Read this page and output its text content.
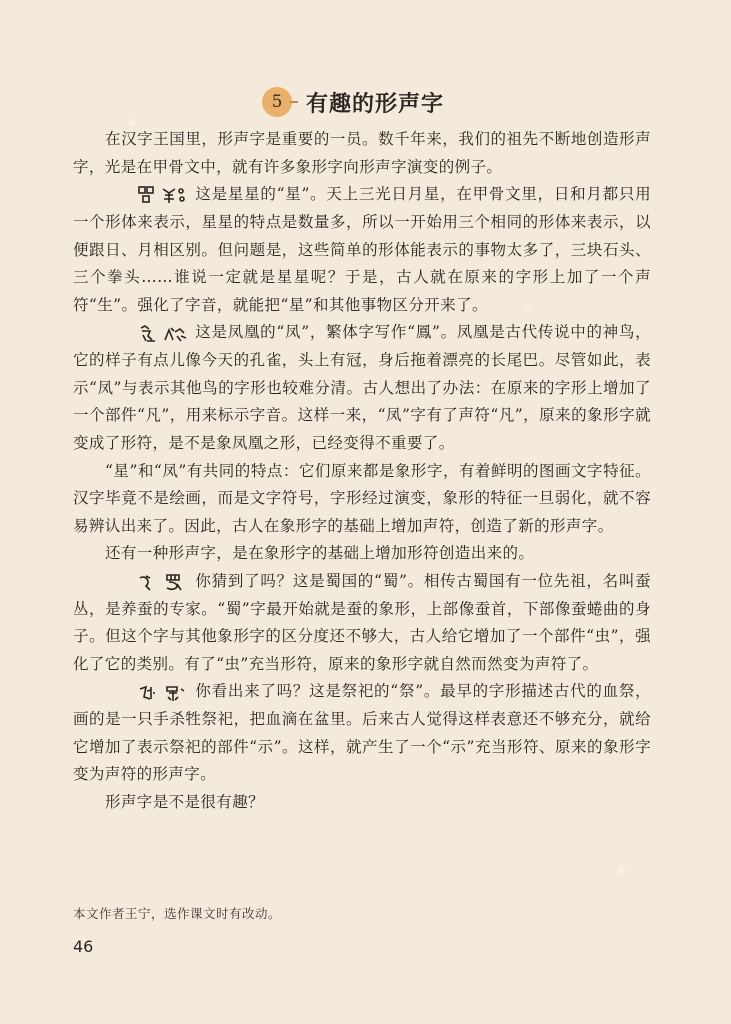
5 有趣的形声字

在汉字王国里，形声字是重要的一员。数千年来，我们的祖先不断地创造形声字，光是在甲骨文中，就有许多象形字向形声字演变的例子。

这是星星的“星”。天上三光日月星，在甲骨文里，日和月都只用一个形体来表示，星星的特点是数量多，所以一开始用三个相同的形体来表示，以便跟日、月相区别。但问题是，这些简单的形体能表示的事物太多了，三块石头、三个拳头……谁说一定就是星星呢？于是，古人就在原来的字形上加了一个声符“生”。强化了字音，就能把“星”和其他事物区分开来了。

这是凤凰的“凤”，繁体字写作“鳳”。凤凰是古代传说中的神鸟，它的样子有点儿像今天的孔雀，头上有冠，身后拖着漂亮的长尾巴。尽管如此，表示“凤”与表示其他鸟的字形也较难分清。古人想出了办法：在原来的字形上增加了一个部件“凡”，用来标示字音。这样一来，“凤”字有了声符“凡”，原来的象形字就变成了形符，是不是象凤凰之形，已经变得不重要了。

“星”和“凤”有共同的特点：它们原来都是象形字，有着鲜明的图画文字特征。汉字毕竟不是绘画，而是文字符号，字形经过演变，象形的特征一旦弱化，就不容易辨认出来了。因此，古人在象形字的基础上增加声符，创造了新的形声字。

还有一种形声字，是在象形字的基础上增加形符创造出来的。

你猜到了吗？这是蜀国的“蜀”。相传古蜀国有一位先祖，名叫蚕丛，是养蚕的专家。“蜀”字最开始就是蚕的象形，上部像蚕首，下部像蚕蜷曲的身子。但这个字与其他象形字的区分度还不够大，古人给它增加了一个部件“虫”，强化了它的类别。有了“虫”充当形符，原来的象形字就自然而然变为声符了。

你看出来了吗？这是祭祀的“祭”。最早的字形描述古代的血祭，画的是一只手杀牲祭祀，把血滴在盆里。后来古人觉得这样表意还不够充分，就给它增加了表示祭祀的部件“示”。这样，就产生了一个“示”充当形符、原来的象形字变为声符的形声字。

形声字是不是很有趣？

本文作者王宁，选作课文时有改动。
46
